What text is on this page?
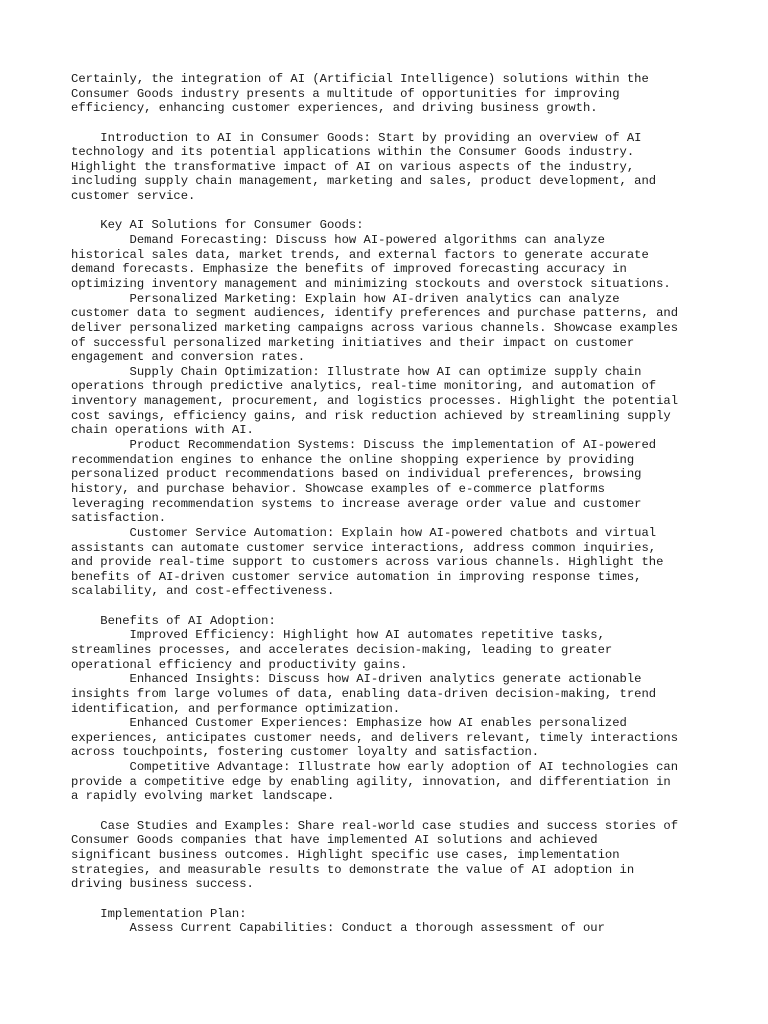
Certainly, the integration of AI (Artificial Intelligence) solutions within the
Consumer Goods industry presents a multitude of opportunities for improving
efficiency, enhancing customer experiences, and driving business growth.
Introduction to AI in Consumer Goods: Start by providing an overview of AI
technology and its potential applications within the Consumer Goods industry.
Highlight the transformative impact of AI on various aspects of the industry,
including supply chain management, marketing and sales, product development, and
customer service.
Key AI Solutions for Consumer Goods:
Demand Forecasting: Discuss how AI-powered algorithms can analyze
historical sales data, market trends, and external factors to generate accurate
demand forecasts. Emphasize the benefits of improved forecasting accuracy in
optimizing inventory management and minimizing stockouts and overstock situations.
Personalized Marketing: Explain how AI-driven analytics can analyze
customer data to segment audiences, identify preferences and purchase patterns, and
deliver personalized marketing campaigns across various channels. Showcase examples
of successful personalized marketing initiatives and their impact on customer
engagement and conversion rates.
Supply Chain Optimization: Illustrate how AI can optimize supply chain
operations through predictive analytics, real-time monitoring, and automation of
inventory management, procurement, and logistics processes. Highlight the potential
cost savings, efficiency gains, and risk reduction achieved by streamlining supply
chain operations with AI.
Product Recommendation Systems: Discuss the implementation of AI-powered
recommendation engines to enhance the online shopping experience by providing
personalized product recommendations based on individual preferences, browsing
history, and purchase behavior. Showcase examples of e-commerce platforms
leveraging recommendation systems to increase average order value and customer
satisfaction.
Customer Service Automation: Explain how AI-powered chatbots and virtual
assistants can automate customer service interactions, address common inquiries,
and provide real-time support to customers across various channels. Highlight the
benefits of AI-driven customer service automation in improving response times,
scalability, and cost-effectiveness.
Benefits of AI Adoption:
Improved Efficiency: Highlight how AI automates repetitive tasks,
streamlines processes, and accelerates decision-making, leading to greater
operational efficiency and productivity gains.
Enhanced Insights: Discuss how AI-driven analytics generate actionable
insights from large volumes of data, enabling data-driven decision-making, trend
identification, and performance optimization.
Enhanced Customer Experiences: Emphasize how AI enables personalized
experiences, anticipates customer needs, and delivers relevant, timely interactions
across touchpoints, fostering customer loyalty and satisfaction.
Competitive Advantage: Illustrate how early adoption of AI technologies can
provide a competitive edge by enabling agility, innovation, and differentiation in
a rapidly evolving market landscape.
Case Studies and Examples: Share real-world case studies and success stories of
Consumer Goods companies that have implemented AI solutions and achieved
significant business outcomes. Highlight specific use cases, implementation
strategies, and measurable results to demonstrate the value of AI adoption in
driving business success.
Implementation Plan:
Assess Current Capabilities: Conduct a thorough assessment of our
